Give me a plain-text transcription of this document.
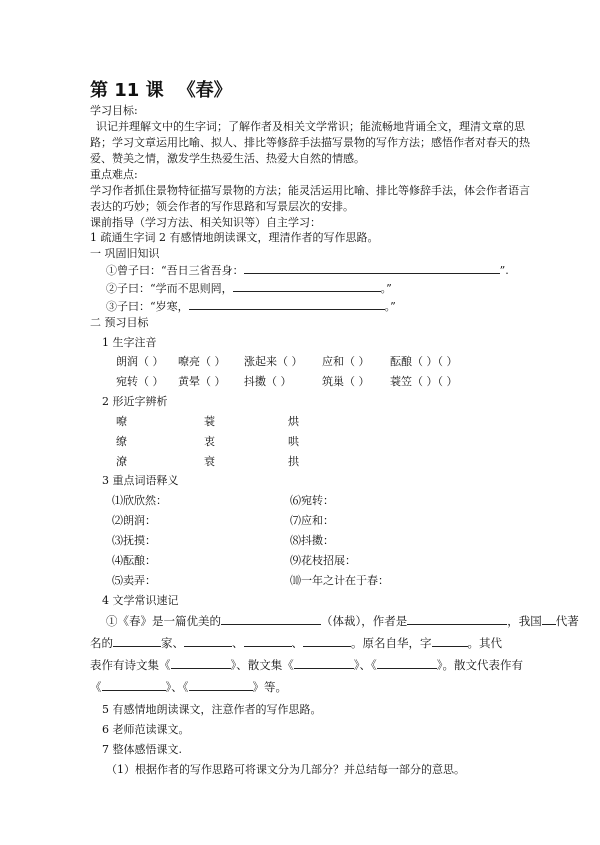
第 11 课 《春》
学习目标:
识记并理解文中的生字词；了解作者及相关文学常识；能流畅地背诵全文，理清文章的思
路；学习文章运用比喻、拟人、排比等修辞手法描写景物的写作方法；感悟作者对春天的热
爱、赞美之情，激发学生热爱生活、热爱大自然的情感。
重点难点:
学习作者抓住景物特征描写景物的方法；能灵活运用比喻、排比等修辞手法，体会作者语言
表达的巧妙；领会作者的写作思路和写景层次的安排。
课前指导（学习方法、相关知识等）自主学习：
1 疏通生字词 2 有感情地朗读课文，理清作者的写作思路。
一 巩固旧知识
①曾子曰：“吾日三省吾身：	”.
②子曰：“学而不思则罔，	。”
③子曰：“岁寒，	。”
二 预习目标
1 生字注音
朗润（ ） 嘹亮（ ） 涨起来（ ） 应和（ ） 酝酿（ ）（ ）
宛转（ ） 黄晕（ ） 抖擞（ ）	筑巢（ ） 蓑笠（ ）（ ）
2 形近字辨析
嘹	蓑	烘
缭	衷	哄
潦	衰	拱
3 重点词语释义
⑴欣欣然：	⑹宛转：
⑵朗润：	⑺应和：
⑶抚摸：	⑻抖擞：
⑷酝酿：	⑼花枝招展：
⑸卖弄：	⑽一年之计在于春：
4 文学常识速记
①《春》是一篇优美的	（体裁），作者是	，我国 代著
名的	家、	、	、	。原名自华，字	。其代
表作有诗文集《	》、散文集《	》、《	》。散文代表作有
《	》、《	》等。
5 有感情地朗读课文，注意作者的写作思路。
6 老师范读课文。
7 整体感悟课文.
（1）根据作者的写作思路可将课文分为几部分？并总结每一部分的意思。
